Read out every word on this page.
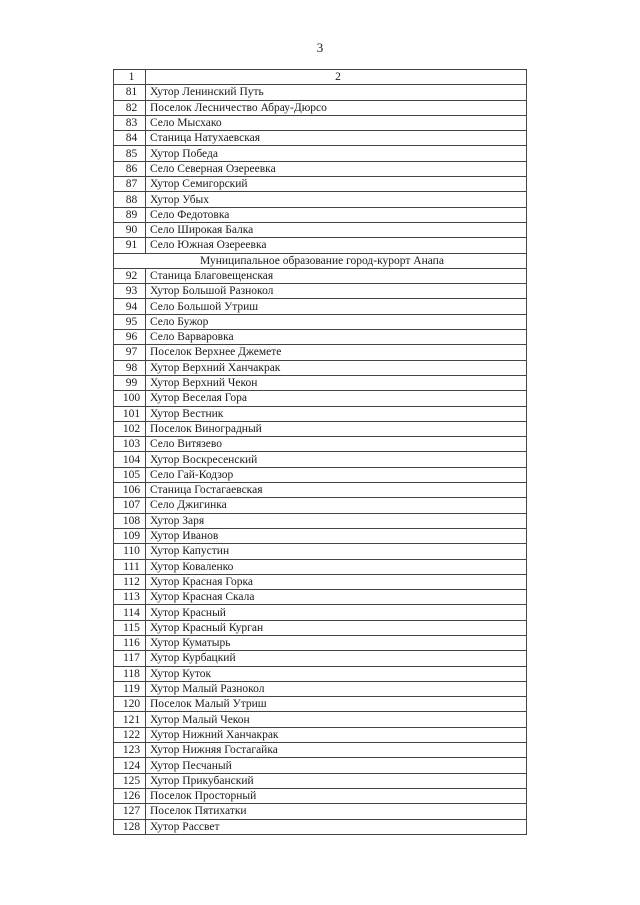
3
1	2
81	Хутор Ленинский Путь
82	Поселок Лесничество Абрау-Дюрсо
83	Село Мысхако
84	Станица Натухаевская
85	Хутор Победа
86	Село Северная Озереевка
87	Хутор Семигорский
88	Хутор Убых
89	Село Федотовка
90	Село Широкая Балка
91	Село Южная Озереевка
Муниципальное образование город-курорт Анапа	
92	Станица Благовещенская
93	Хутор Большой Разнокол
94	Село Большой Утриш
95	Село Бужор
96	Село Варваровка
97	Поселок Верхнее Джемете
98	Хутор Верхний Ханчакрак
99	Хутор Верхний Чекон
100	Хутор Веселая Гора
101	Хутор Вестник
102	Поселок Виноградный
103	Село Витязево
104	Хутор Воскресенский
105	Село Гай-Кодзор
106	Станица Гостагаевская
107	Село Джигинка
108	Хутор Заря
109	Хутор Иванов
110	Хутор Капустин
111	Хутор Коваленко
112	Хутор Красная Горка
113	Хутор Красная Скала
114	Хутор Красный
115	Хутор Красный Курган
116	Хутор Куматырь
117	Хутор Курбацкий
118	Хутор Куток
119	Хутор Малый Разнокол
120	Поселок Малый Утриш
121	Хутор Малый Чекон
122	Хутор Нижний Ханчакрак
123	Хутор Нижняя Гостагайка
124	Хутор Песчаный
125	Хутор Прикубанский
126	Поселок Просторный
127	Поселок Пятихатки
128	Хутор Рассвет
